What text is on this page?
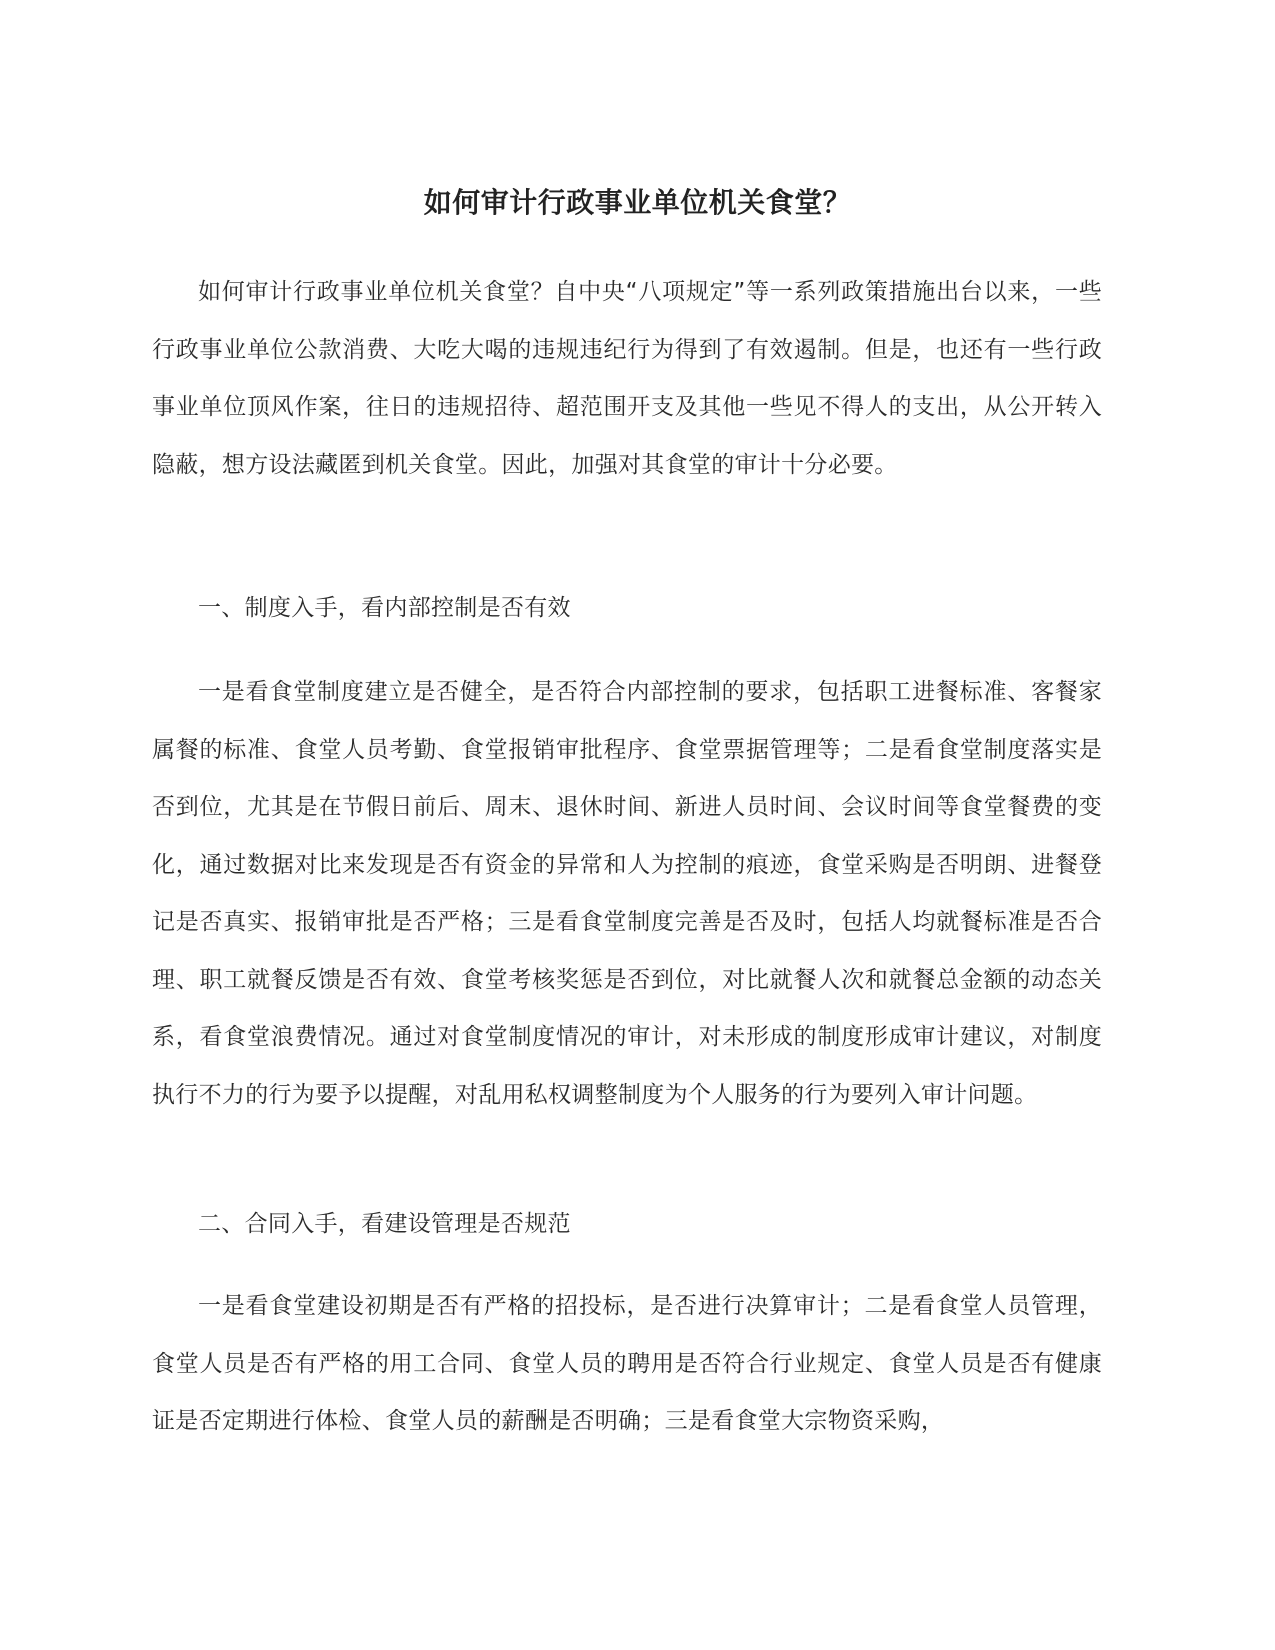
如何审计行政事业单位机关食堂？

如何审计行政事业单位机关食堂？自中央“八项规定”等一系列政策措施出台以来，一些行政事业单位公款消费、大吃大喝的违规违纪行为得到了有效遏制。但是，也还有一些行政事业单位顶风作案，往日的违规招待、超范围开支及其他一些见不得人的支出，从公开转入隐蔽，想方设法藏匿到机关食堂。因此，加强对其食堂的审计十分必要。

一、制度入手，看内部控制是否有效

一是看食堂制度建立是否健全，是否符合内部控制的要求，包括职工进餐标准、客餐家属餐的标准、食堂人员考勤、食堂报销审批程序、食堂票据管理等；二是看食堂制度落实是否到位，尤其是在节假日前后、周末、退休时间、新进人员时间、会议时间等食堂餐费的变化，通过数据对比来发现是否有资金的异常和人为控制的痕迹，食堂采购是否明朗、进餐登记是否真实、报销审批是否严格；三是看食堂制度完善是否及时，包括人均就餐标准是否合理、职工就餐反馈是否有效、食堂考核奖惩是否到位，对比就餐人次和就餐总金额的动态关系，看食堂浪费情况。通过对食堂制度情况的审计，对未形成的制度形成审计建议，对制度执行不力的行为要予以提醒，对乱用私权调整制度为个人服务的行为要列入审计问题。

二、合同入手，看建设管理是否规范

一是看食堂建设初期是否有严格的招投标，是否进行决算审计；二是看食堂人员管理，食堂人员是否有严格的用工合同、食堂人员的聘用是否符合行业规定、食堂人员是否有健康证是否定期进行体检、食堂人员的薪酬是否明确；三是看食堂大宗物资采购，
